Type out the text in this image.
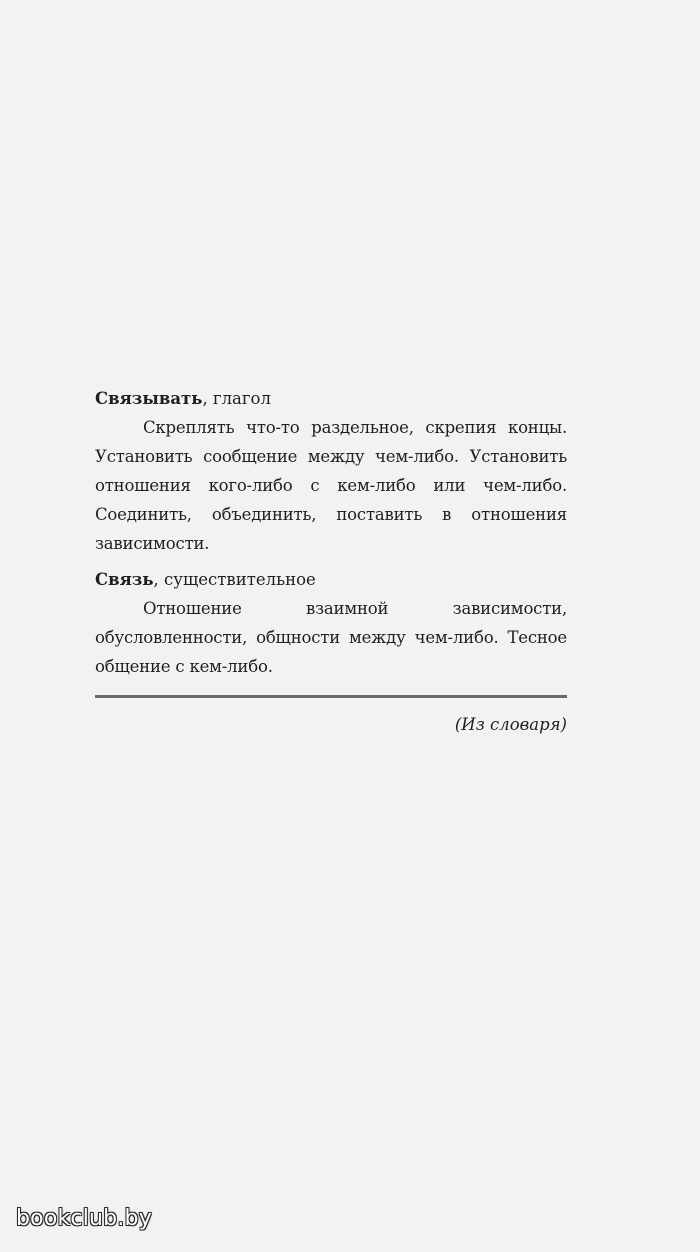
Связывать, глагол

Скреплять что-то раздельное, скрепия концы. Установить сообщение между чем-либо. Установить отношения кого-либо с кем-либо или чем-либо. Соединить, объединить, поставить в отношения зависимости.

Связь, существительное

Отношение взаимной зависимости, обусловленности, общности между чем-либо. Тесное общение с кем-либо.

(Из словаря)
bookclub.by
